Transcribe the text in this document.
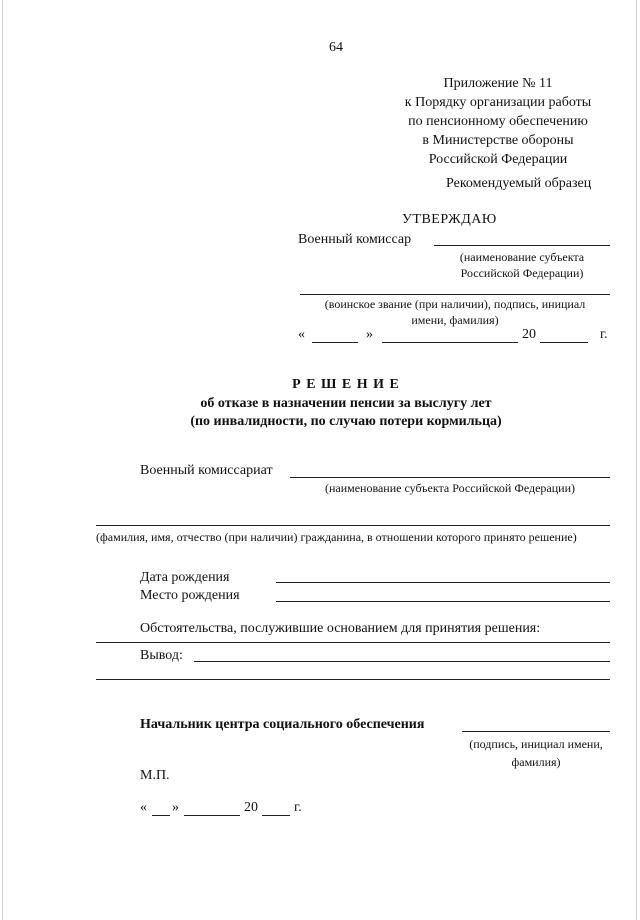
64
Приложение № 11
к Порядку организации работы
по пенсионному обеспечению
в Министерстве обороны
Российской Федерации
Рекомендуемый образец
УТВЕРЖДАЮ
Военный комиссар
(наименование субъекта
Российской Федерации)
(воинское звание (при наличии), подпись, инициал
имени, фамилия)
«	»	20	г.
Р Е Ш Е Н И Е
об отказе в назначении пенсии за выслугу лет
(по инвалидности, по случаю потери кормильца)
Военный комиссариат
(наименование субъекта Российской Федерации)
(фамилия, имя, отчество (при наличии) гражданина, в отношении которого принято решение)
Дата рождения
Место рождения
Обстоятельства, послужившие основанием для принятия решения:
Вывод:
Начальник центра социального обеспечения
(подпись, инициал имени,
фамилия)
М.П.
« »	20	г.
